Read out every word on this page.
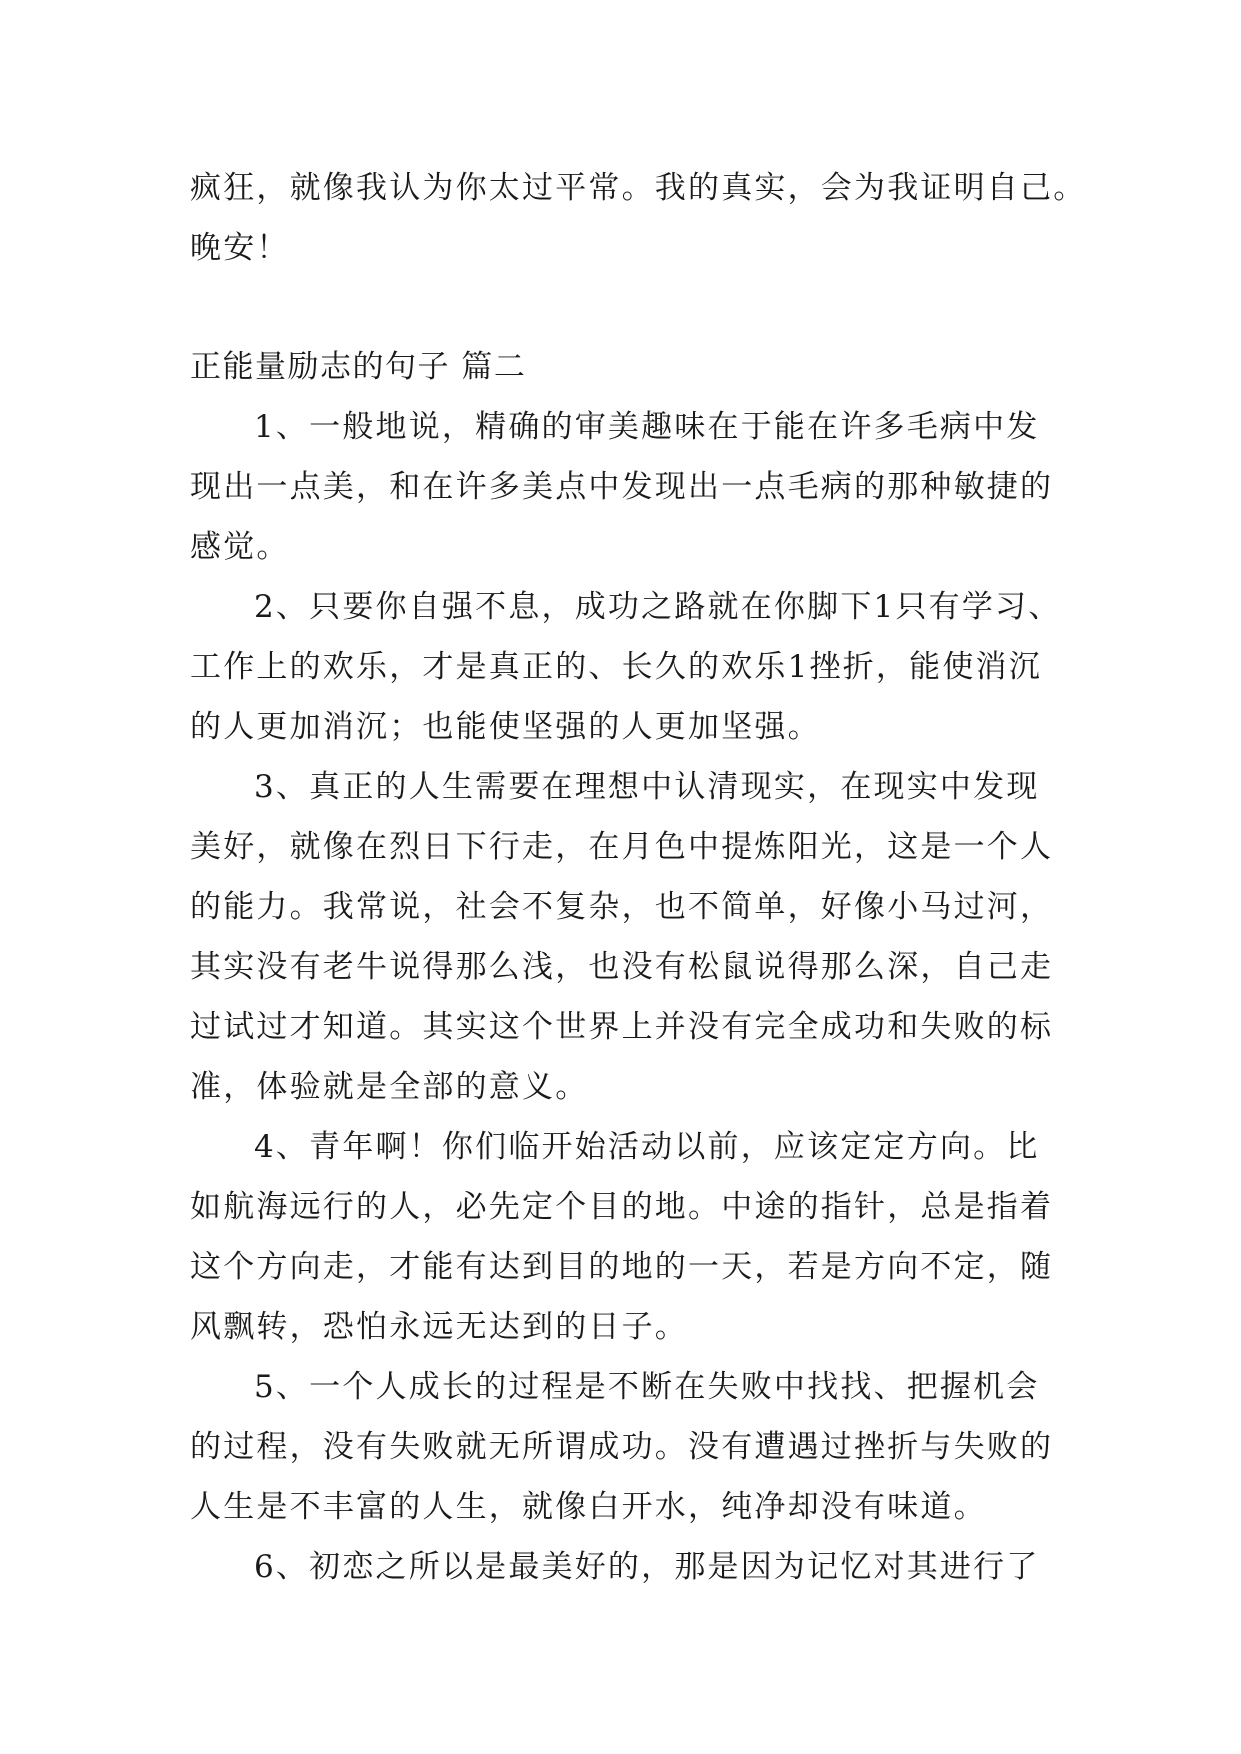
疯狂，就像我认为你太过平常。我的真实，会为我证明自己。
晚安！
正能量励志的句子 篇二
1、一般地说，精确的审美趣味在于能在许多毛病中发
现出一点美，和在许多美点中发现出一点毛病的那种敏捷的
感觉。
2、只要你自强不息，成功之路就在你脚下1只有学习、
工作上的欢乐，才是真正的、长久的欢乐1挫折，能使消沉
的人更加消沉；也能使坚强的人更加坚强。
3、真正的人生需要在理想中认清现实，在现实中发现
美好，就像在烈日下行走，在月色中提炼阳光，这是一个人
的能力。我常说，社会不复杂，也不简单，好像小马过河，
其实没有老牛说得那么浅，也没有松鼠说得那么深，自己走
过试过才知道。其实这个世界上并没有完全成功和失败的标
准，体验就是全部的意义。
4、青年啊！你们临开始活动以前，应该定定方向。比
如航海远行的人，必先定个目的地。中途的指针，总是指着
这个方向走，才能有达到目的地的一天，若是方向不定，随
风飘转，恐怕永远无达到的日子。
5、一个人成长的过程是不断在失败中找找、把握机会
的过程，没有失败就无所谓成功。没有遭遇过挫折与失败的
人生是不丰富的人生，就像白开水，纯净却没有味道。
6、初恋之所以是最美好的，那是因为记忆对其进行了
